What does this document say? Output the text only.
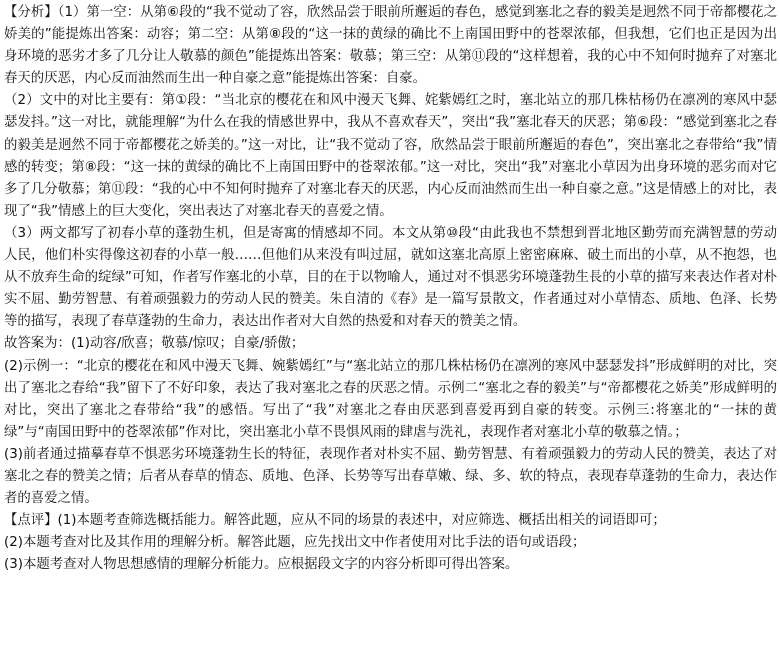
【分析】（1）第一空：从第⑥段的“我不觉动了容，欣然品尝于眼前所邂逅的春色，感觉到塞北之春的毅美是迥然不同于帝都樱花之娇美的”能提炼出答案：动容；第二空：从第⑧段的“这一抹的黄绿的确比不上南国田野中的苍翠浓郁，但我想，它们也正是因为出身环境的恶劣才多了几分让人敬慕的颜色”能提炼出答案：敬慕；第三空：从第⑪段的“这样想着，我的心中不知何时抛弃了对塞北春天的厌恶，内心反而油然而生出一种自豪之意”能提炼出答案：自豪。

（2）文中的对比主要有：第①段：“当北京的樱花在和风中漫天飞舞、姹紫嫣红之时，塞北站立的那几株枯杨仍在凛冽的寒风中瑟瑟发抖。”这一对比，就能理解“为什么在我的情感世界中，我从不喜欢春天”，突出“我”塞北春天的厌恶；第⑥段：“感觉到塞北之春的毅美是迥然不同于帝都樱花之娇美的。”这一对比，让“我不觉动了容，欣然品尝于眼前所邂逅的春色”，突出塞北之春带给“我”情感的转变；第⑧段：“这一抹的黄绿的确比不上南国田野中的苍翠浓郁。”这一对比，突出“我”对塞北小草因为出身环境的恶劣而对它多了几分敬慕；第⑪段：“我的心中不知何时抛弃了对塞北春天的厌恶，内心反而油然而生出一种自豪之意。”这是情感上的对比，表现了“我”情感上的巨大变化，突出表达了对塞北春天的喜爱之情。

（3）两文都写了初春小草的蓬勃生机，但是寄寓的情感却不同。本文从第⑩段“由此我也不禁想到晋北地区勤劳而充满智慧的劳动人民，他们朴实得像这初春的小草一般……但他们从来没有叫过屈，就如这塞北高原上密密麻麻、破土而出的小草，从不抱怨，也从不放弃生命的绽绿”可知，作者写作塞北的小草，目的在于以物喻人，通过对不惧恶劣环境蓬勃生長的小草的描写来表达作者对朴实不屈、勤劳智慧、有着顽强毅力的劳动人民的赞美。朱自清的《春》是一篇写景散文，作者通过对小草情态、质地、色泽、长势等的描写，表现了春草蓬勃的生命力，表达出作者对大自然的热爱和对春天的赞美之情。

故答案为：(1)动容/欣喜；敬慕/惊叹；自豪/骄傲；

(2)示例一：“北京的樱花在和风中漫天飞舞、婉紫嫣红”与“塞北站立的那几株枯杨仍在凛冽的寒风中瑟瑟发抖”形成鲜明的对比，突出了塞北之春给“我”留下了不好印象，表达了我对塞北之春的厌恶之情。示例二“塞北之春的毅美”与“帝都樱花之娇美”形成鲜明的对比，突出了塞北之春带给“我”的感悟。写出了“我”对塞北之春由厌恶到喜爱再到自豪的转变。示例三:将塞北的“一抹的黄绿”与“南国田野中的苍翠浓郁”作对比，突出塞北小草不畏惧风雨的肆虐与洗礼，表现作者对塞北小草的敬慕之情。；

(3)前者通过描摹春草不惧恶劣环境蓬勃生长的特征，表现作者对朴实不屈、勤劳智慧、有着顽强毅力的劳动人民的赞美，表达了对塞北之春的赞美之情；后者从春草的情态、质地、色泽、长势等写出春草嫩、绿、多、软的特点，表现春草蓬勃的生命力，表达作者的喜爱之情。

【点评】(1)本题考查筛选概括能力。解答此题，应从不同的场景的表述中，对应筛选、概括出相关的词语即可；

(2)本题考查对比及其作用的理解分析。解答此题，应先找出文中作者使用对比手法的语句或语段；

(3)本题考查对人物思想感情的理解分析能力。应根据段文字的内容分析即可得出答案。
